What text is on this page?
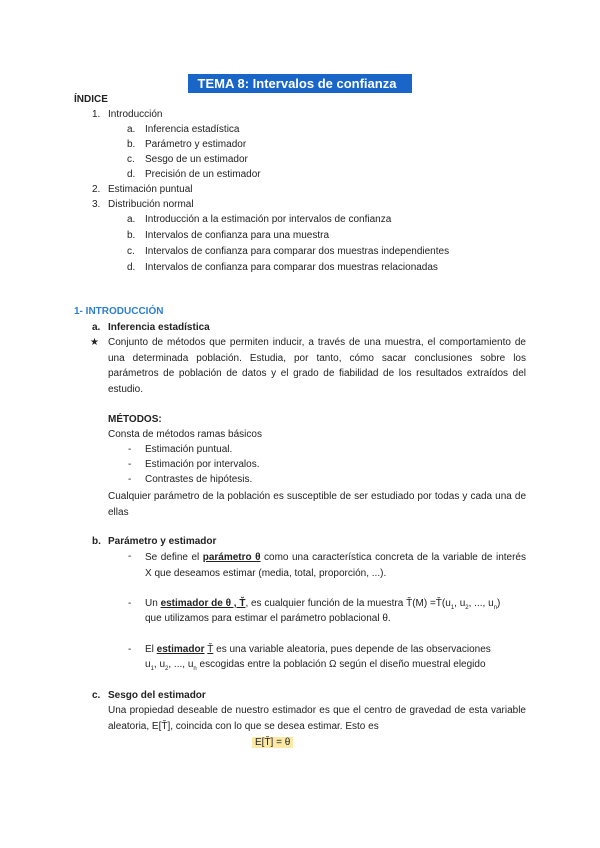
TEMA 8: Intervalos de confianza
ÍNDICE
1. Introducción
a. Inferencia estadística
b. Parámetro y estimador
c. Sesgo de un estimador
d. Precisión de un estimador
2. Estimación puntual
3. Distribución normal
a. Introducción a la estimación por intervalos de confianza
b. Intervalos de confianza para una muestra
c. Intervalos de confianza para comparar dos muestras independientes
d. Intervalos de confianza para comparar dos muestras relacionadas
1- INTRODUCCIÓN
a. Inferencia estadística
★ Conjunto de métodos que permiten inducir, a través de una muestra, el comportamiento de una determinada población. Estudia, por tanto, cómo sacar conclusiones sobre los parámetros de población de datos y el grado de fiabilidad de los resultados extraídos del estudio.
MÉTODOS:
Consta de métodos ramas básicos
- Estimación puntual.
- Estimación por intervalos.
- Contrastes de hipótesis.
Cualquier parámetro de la población es susceptible de ser estudiado por todas y cada una de ellas
b. Parámetro y estimador
- Se define el parámetro θ como una característica concreta de la variable de interés X que deseamos estimar (media, total, proporción, ...).
- Un estimador de θ , Ť, es cualquier función de la muestra Ť(M) $=Ť(u_1$, $u_2$, ..., $u_n$)
que utilizamos para estimar el parámetro poblacional θ.
- El estimador Ť es una variable aleatoria, pues depende de las observaciones
$u_1$, $u_2$, ..., $u_n$ escogidas entre la población Ω según el diseño muestral elegido
c. Sesgo del estimador
Una propiedad deseable de nuestro estimador es que el centro de gravedad de esta variable aleatoria, E[Ť], coincida con lo que se desea estimar. Esto es
E[Ť] = θ
